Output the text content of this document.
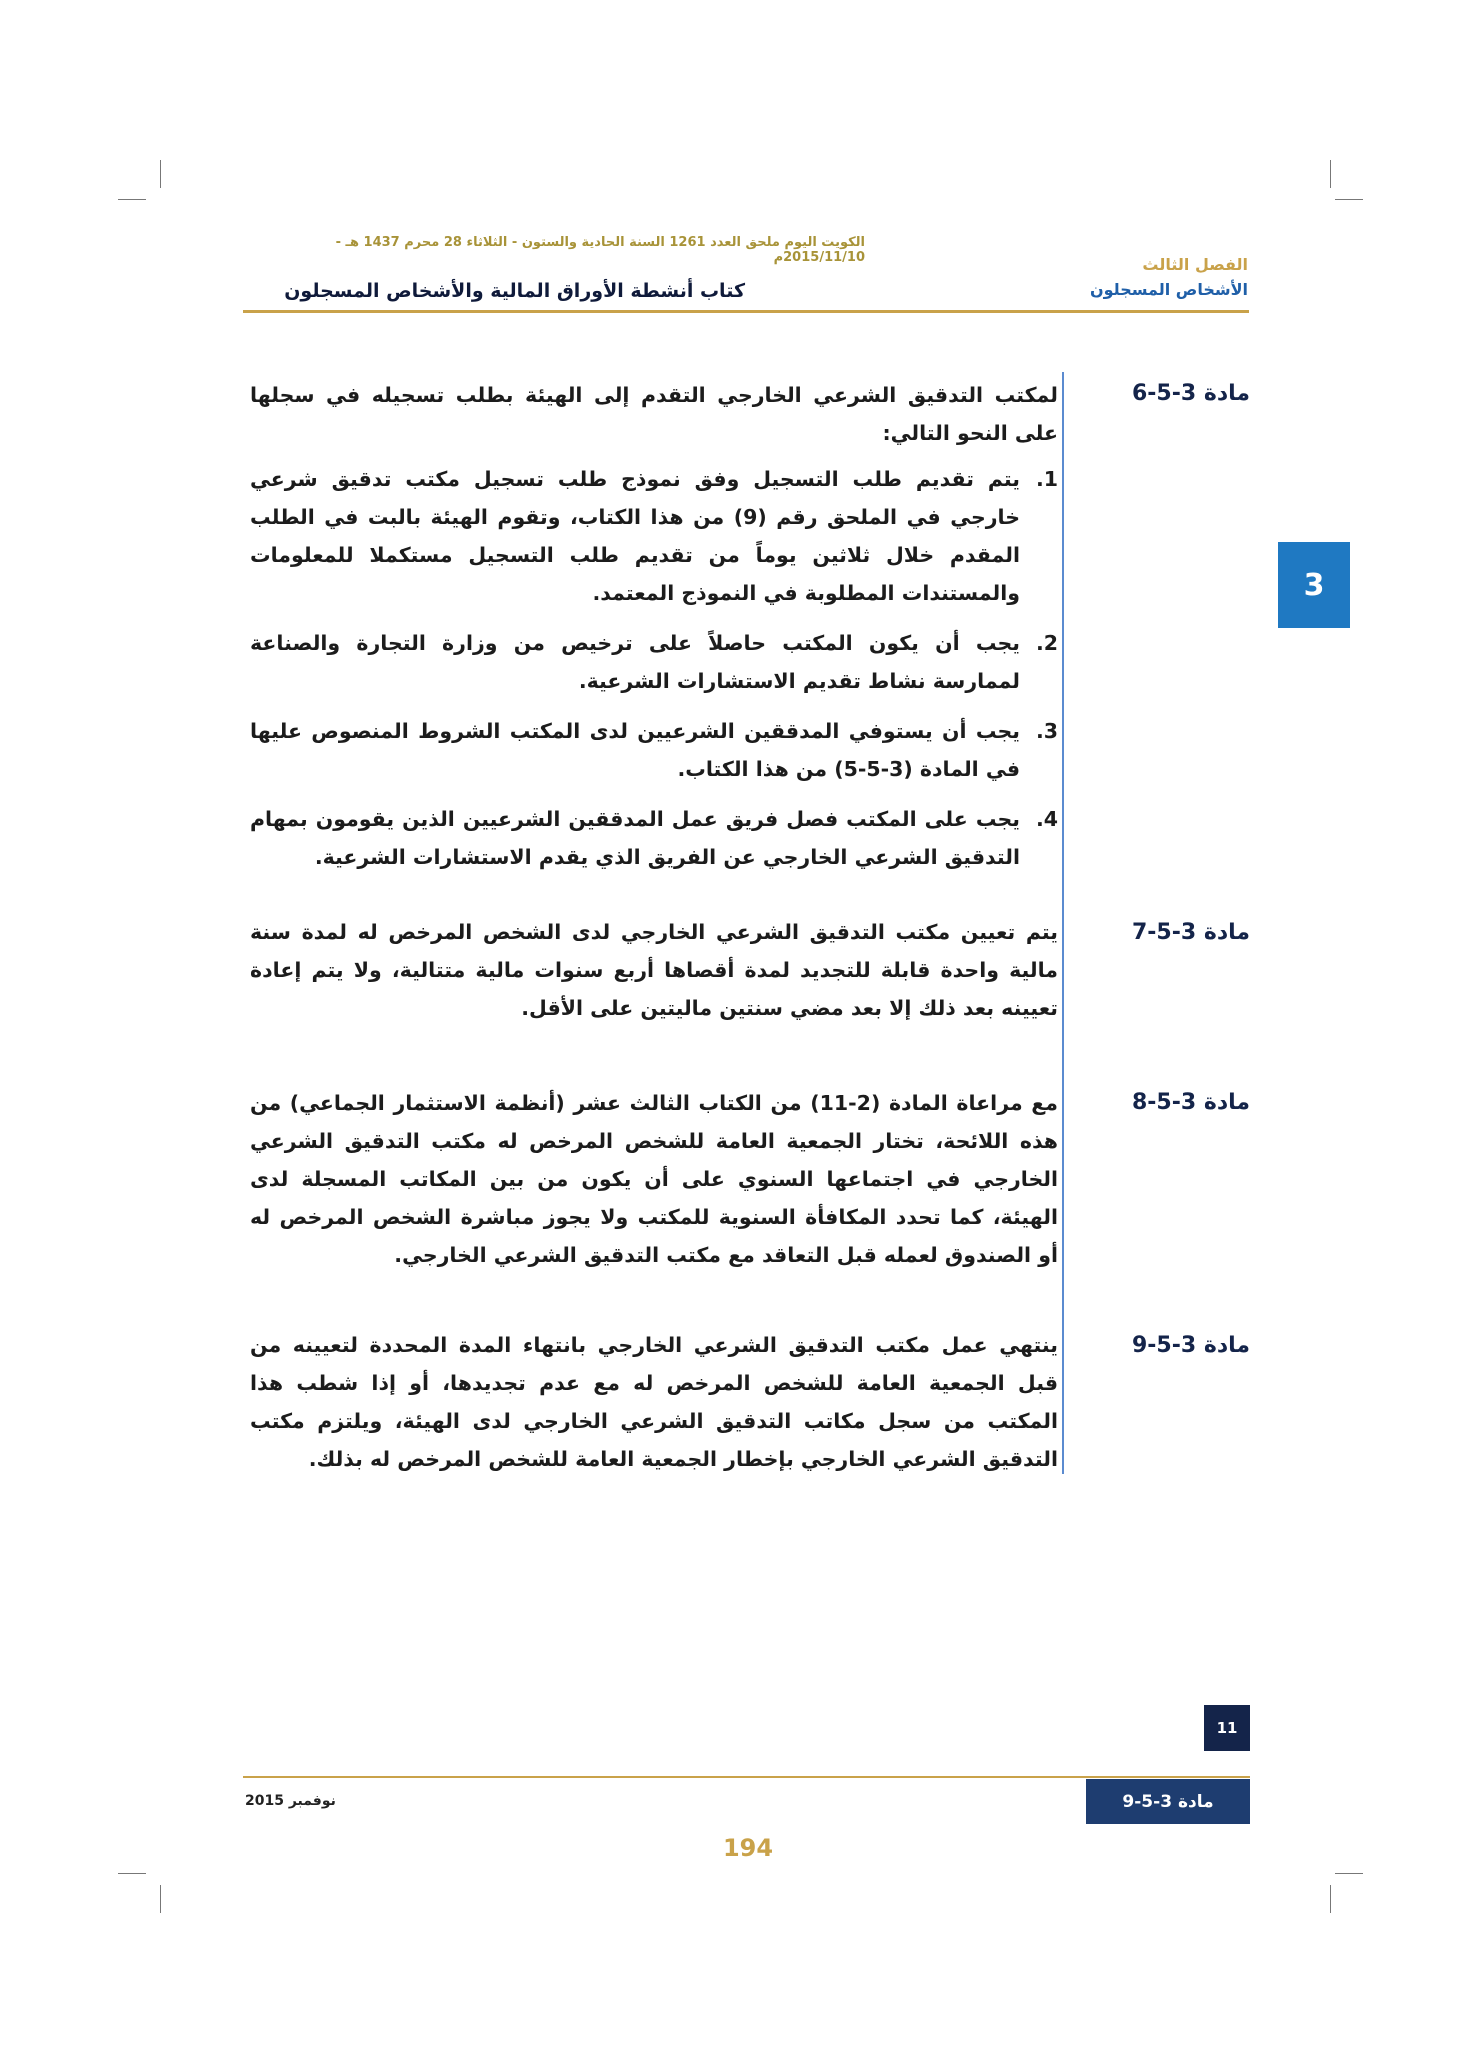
الكويت اليوم ملحق العدد 1261 السنة الحادية والستون - الثلاثاء 28 محرم 1437 هـ - 2015/11/10م
كتاب أنشطة الأوراق المالية والأشخاص المسجلون
الفصل الثالث
الأشخاص المسجلون
3
مادة 3-5-6
لمكتب التدقيق الشرعي الخارجي التقدم إلى الهيئة بطلب تسجيله في سجلها على النحو التالي:
1.
يتم تقديم طلب التسجيل وفق نموذج طلب تسجيل مكتب تدقيق شرعي خارجي في الملحق رقم (9) من هذا الكتاب، وتقوم الهيئة بالبت في الطلب المقدم خلال ثلاثين يوماً من تقديم طلب التسجيل مستكملا للمعلومات والمستندات المطلوبة في النموذج المعتمد.
2.
يجب أن يكون المكتب حاصلاً على ترخيص من وزارة التجارة والصناعة لممارسة نشاط تقديم الاستشارات الشرعية.
3.
يجب أن يستوفي المدققين الشرعيين لدى المكتب الشروط المنصوص عليها في المادة (3-5-5) من هذا الكتاب.
4.
يجب على المكتب فصل فريق عمل المدققين الشرعيين الذين يقومون بمهام التدقيق الشرعي الخارجي عن الفريق الذي يقدم الاستشارات الشرعية.
مادة 3-5-7
يتم تعيين مكتب التدقيق الشرعي الخارجي لدى الشخص المرخص له لمدة سنة مالية واحدة قابلة للتجديد لمدة أقصاها أربع سنوات مالية متتالية، ولا يتم إعادة تعيينه بعد ذلك إلا بعد مضي سنتين ماليتين على الأقل.
مادة 3-5-8
مع مراعاة المادة (2-11) من الكتاب الثالث عشر (أنظمة الاستثمار الجماعي) من هذه اللائحة، تختار الجمعية العامة للشخص المرخص له مكتب التدقيق الشرعي الخارجي في اجتماعها السنوي على أن يكون من بين المكاتب المسجلة لدى الهيئة، كما تحدد المكافأة السنوية للمكتب ولا يجوز مباشرة الشخص المرخص له أو الصندوق لعمله قبل التعاقد مع مكتب التدقيق الشرعي الخارجي.
مادة 3-5-9
ينتهي عمل مكتب التدقيق الشرعي الخارجي بانتهاء المدة المحددة لتعيينه من قبل الجمعية العامة للشخص المرخص له مع عدم تجديدها، أو إذا شطب هذا المكتب من سجل مكاتب التدقيق الشرعي الخارجي لدى الهيئة، ويلتزم مكتب التدقيق الشرعي الخارجي بإخطار الجمعية العامة للشخص المرخص له بذلك.
11
نوفمبر 2015	مادة 3-5-9
194
